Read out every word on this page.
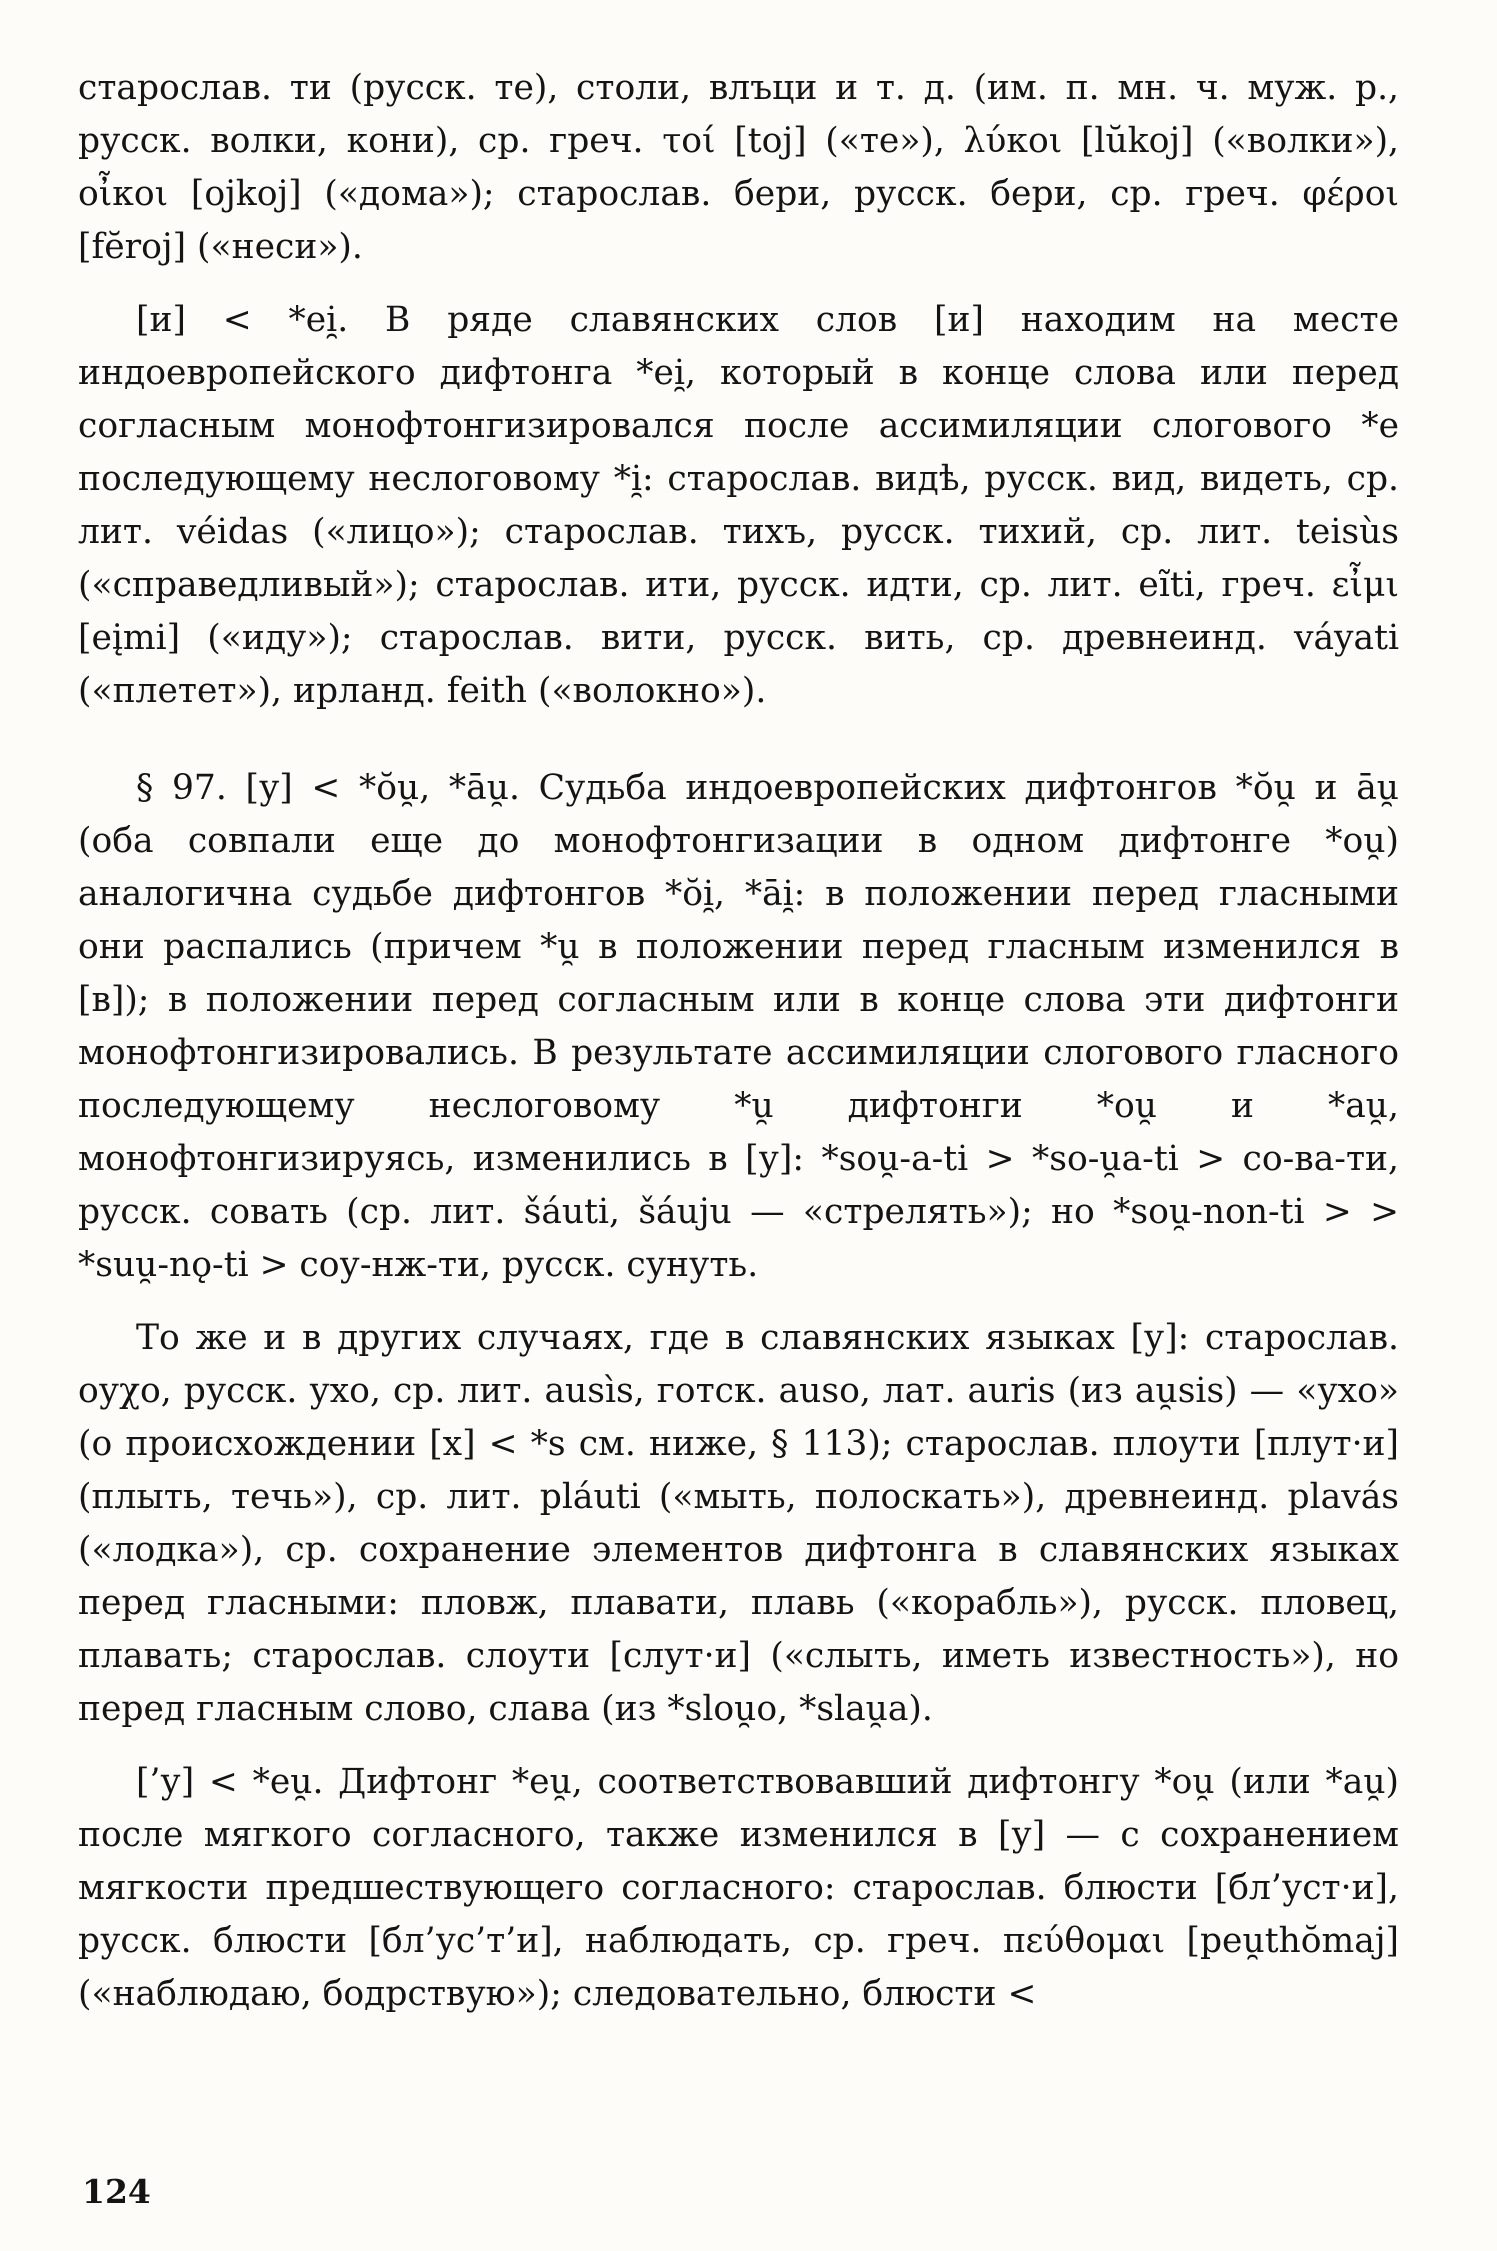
старослав. ти (русск. те), столи, влъци и т. д. (им. п. мн. ч. муж. р., русск. волки, кони), ср. греч. τοί [toj] («те»), λύκοι [lŭkoj] («волки»), οἶκοι [ojkoj] («дома»); старослав. бери, русск. бери, ср. греч. φέροι [fĕroj] («неси»).

[и] < *ei̯. В ряде славянских слов [и] находим на месте индоевропейского дифтонга *ei̯, который в конце слова или перед согласным монофтонгизировался после ассимиляции слогового *е последующему неслоговому *i̯: старослав. видѣ, русск. вид, видеть, ср. лит. vе́idas («лицо»); старослав. тихъ, русск. тихий, ср. лит. teisùs («справедливый»); старослав. ити, русск. идти, ср. лит. eĩti, греч. εἶμι [eįmi] («иду»); старослав. вити, русск. вить, ср. древнеинд. vа́yati («плетет»), ирланд. feith («волокно»).

§ 97. [у] < *ŏu̯, *āu̯. Судьба индоевропейских дифтонгов *ŏu̯ и āu̯ (оба совпали еще до монофтонгизации в одном дифтонге *ou̯) аналогична судьбе дифтонгов *ŏi̯, *āi̯: в положении перед гласными они распались (причем *u̯ в положении перед гласным изменился в [в]); в положении перед согласным или в конце слова эти дифтонги монофтонгизировались. В результате ассимиляции слогового гласного последующему неслоговому *u̯ дифтонги *ou̯ и *au̯, монофтонгизируясь, изменились в [у]: *sou̯-a-ti > *so-u̯a-ti > со-ва-ти, русск. совать (ср. лит. šáuti, šáuju — «стрелять»); но *sou̯-non-ti > > *suu̯-nǫ-ti > соу-нж-ти, русск. сунуть.

То же и в других случаях, где в славянских языках [у]: старослав. оуχо, русск. ухо, ср. лит. ausìs, готск. auso, лат. auris (из au̯sis) — «ухо» (о происхождении [х] < *s см. ниже, § 113); старослав. плоути [плут·и] (плыть, течь»), ср. лит. pláuti («мыть, полоскать»), древнеинд. plavás («лодка»), ср. сохранение элементов дифтонга в славянских языках перед гласными: пловж, плавати, плавь («корабль»), русск. пловец, плавать; старослав. слоути [слут·и] («слыть, иметь известность»), но перед гласным слово, слава (из *slou̯o, *slau̯a).

[’у] < *eu̯. Дифтонг *eu̯, соответствовавший дифтонгу *ou̯ (или *au̯) после мягкого согласного, также изменился в [у] — с сохранением мягкости предшествующего согласного: старослав. блюсти [бл’уст·и], русск. блюсти [бл’ус’т’и], наблюдать, ср. греч. πεύθομαι [peu̯thŏmaj] («наблюдаю, бодрствую»); следовательно, блюсти <

124
